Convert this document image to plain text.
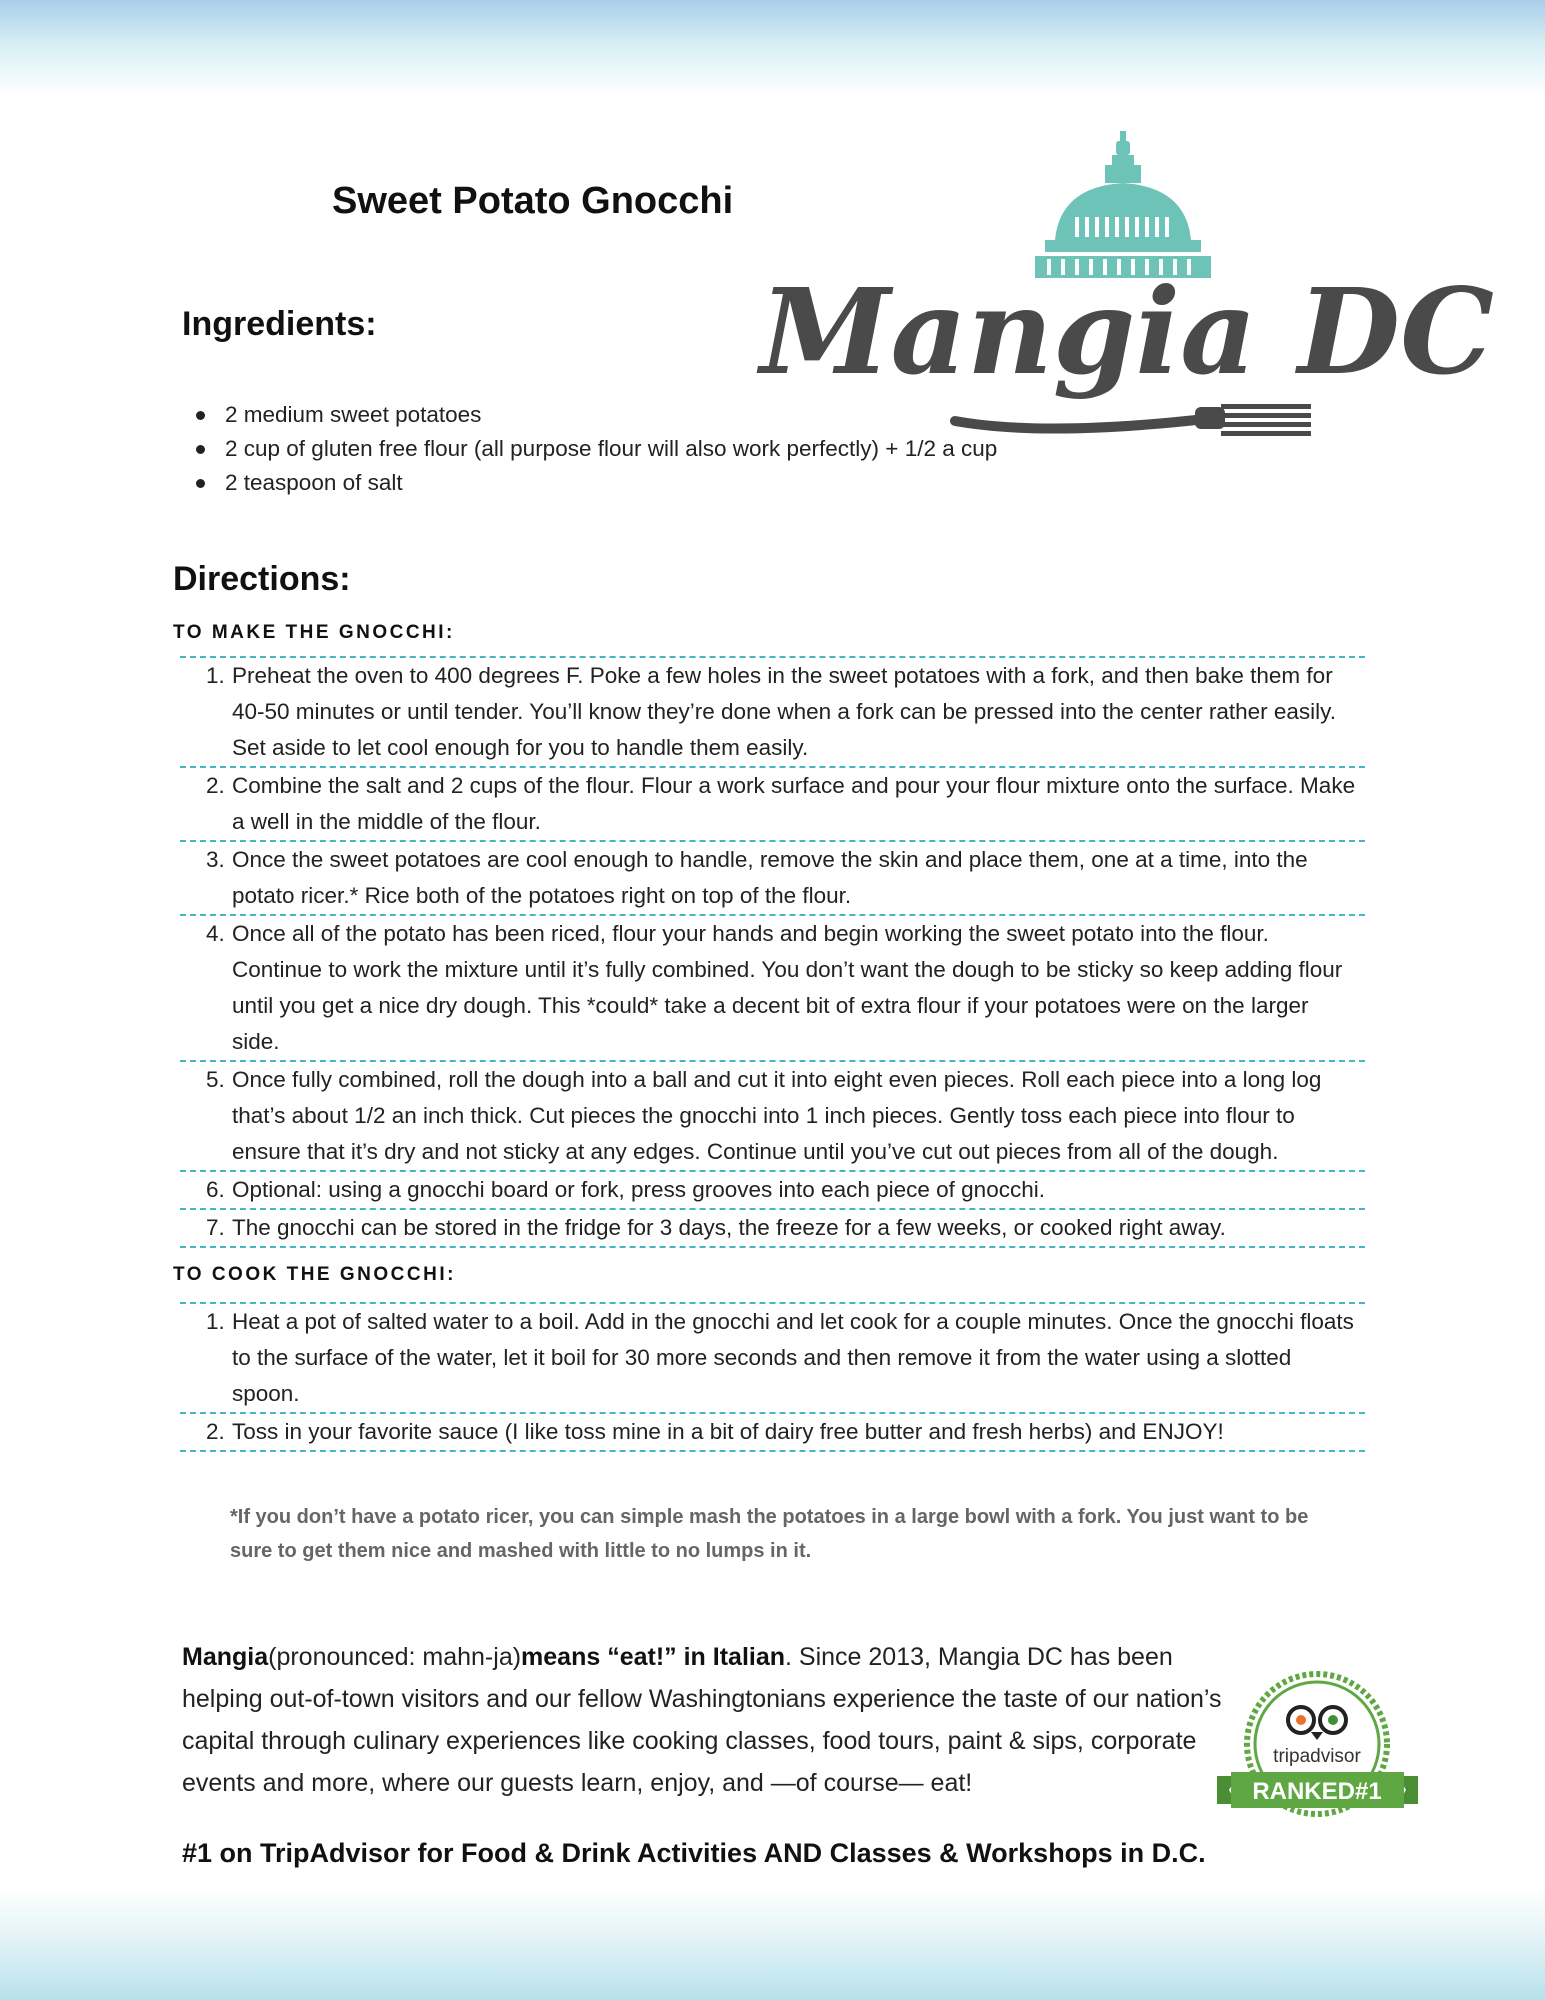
Mangia DC
Sweet Potato Gnocchi
Ingredients:
2 medium sweet potatoes
2 cup of gluten free flour (all purpose flour will also work perfectly) + 1/2 a cup
2 teaspoon of salt
Directions:
TO MAKE THE GNOCCHI:
1. Preheat the oven to 400 degrees F. Poke a few holes in the sweet potatoes with a fork, and then bake them for 40-50 minutes or until tender. You’ll know they’re done when a fork can be pressed into the center rather easily. Set aside to let cool enough for you to handle them easily.
2. Combine the salt and 2 cups of the flour. Flour a work surface and pour your flour mixture onto the surface. Make a well in the middle of the flour.
3. Once the sweet potatoes are cool enough to handle, remove the skin and place them, one at a time, into the potato ricer.* Rice both of the potatoes right on top of the flour.
4. Once all of the potato has been riced, flour your hands and begin working the sweet potato into the flour. Continue to work the mixture until it’s fully combined. You don’t want the dough to be sticky so keep adding flour until you get a nice dry dough. This *could* take a decent bit of extra flour if your potatoes were on the larger side.
5. Once fully combined, roll the dough into a ball and cut it into eight even pieces. Roll each piece into a long log that’s about 1/2 an inch thick. Cut pieces the gnocchi into 1 inch pieces. Gently toss each piece into flour to ensure that it’s dry and not sticky at any edges. Continue until you’ve cut out pieces from all of the dough.
6. Optional: using a gnocchi board or fork, press grooves into each piece of gnocchi.
7. The gnocchi can be stored in the fridge for 3 days, the freeze for a few weeks, or cooked right away.
TO COOK THE GNOCCHI:
1. Heat a pot of salted water to a boil. Add in the gnocchi and let cook for a couple minutes. Once the gnocchi floats to the surface of the water, let it boil for 30 more seconds and then remove it from the water using a slotted spoon.
2. Toss in your favorite sauce (I like toss mine in a bit of dairy free butter and fresh herbs) and ENJOY!
*If you don’t have a potato ricer, you can simple mash the potatoes in a large bowl with a fork. You just want to be sure to get them nice and mashed with little to no lumps in it.
Mangia(pronounced: mahn-ja)means “eat!” in Italian. Since 2013, Mangia DC has been helping out-of-town visitors and our fellow Washingtonians experience the taste of our nation’s capital through culinary experiences like cooking classes, food tours, paint & sips, corporate events and more, where our guests learn, enjoy, and —of course— eat!
tripadvisor
RANKED#1
#1 on TripAdvisor for Food & Drink Activities AND Classes & Workshops in D.C.
